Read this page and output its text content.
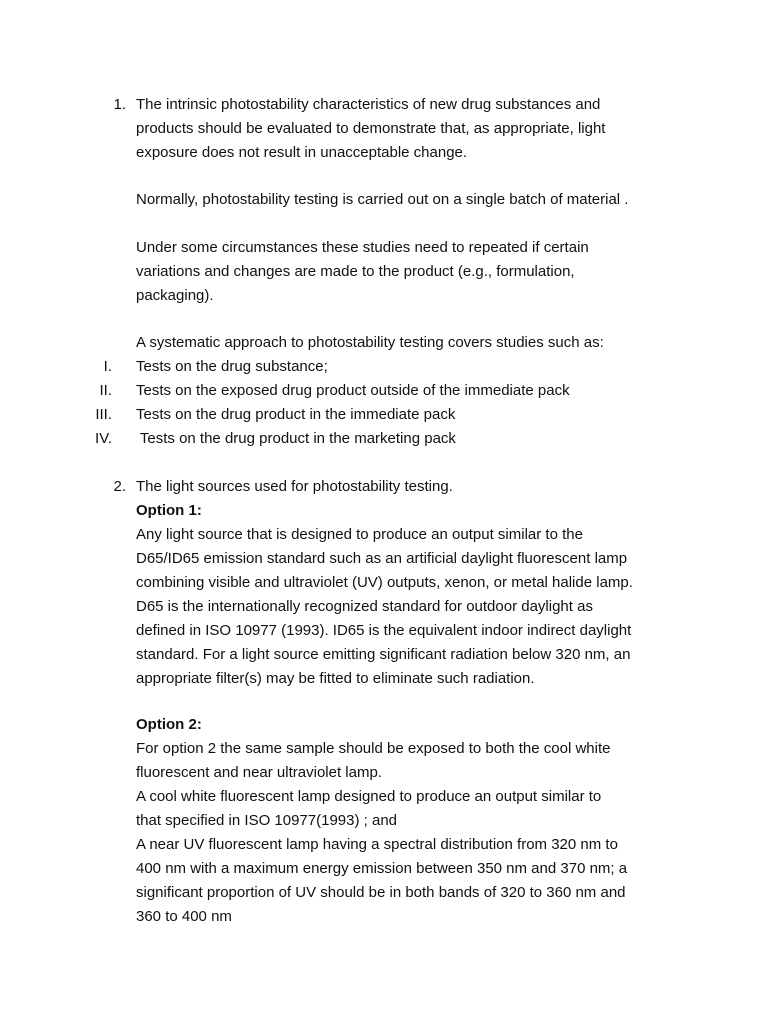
1. The intrinsic photostability characteristics of new drug substances and
products should be evaluated to demonstrate that, as appropriate, light
exposure does not result in unacceptable change.
Normally, photostability testing is carried out on a single batch of material .
Under some circumstances these studies need to repeated if certain
variations and changes are made to the product (e.g., formulation,
packaging).
A systematic approach to photostability testing covers studies such as:
I. Tests on the drug substance;
II. Tests on the exposed drug product outside of the immediate pack
III. Tests on the drug product in the immediate pack
IV. Tests on the drug product in the marketing pack
2. The light sources used for photostability testing.
Option 1:
Any light source that is designed to produce an output similar to the
D65/ID65 emission standard such as an artificial daylight fluorescent lamp
combining visible and ultraviolet (UV) outputs, xenon, or metal halide lamp.
D65 is the internationally recognized standard for outdoor daylight as
defined in ISO 10977 (1993). ID65 is the equivalent indoor indirect daylight
standard. For a light source emitting significant radiation below 320 nm, an
appropriate filter(s) may be fitted to eliminate such radiation.
Option 2:
For option 2 the same sample should be exposed to both the cool white
fluorescent and near ultraviolet lamp.
A cool white fluorescent lamp designed to produce an output similar to
that specified in ISO 10977(1993) ; and
A near UV fluorescent lamp having a spectral distribution from 320 nm to
400 nm with a maximum energy emission between 350 nm and 370 nm; a
significant proportion of UV should be in both bands of 320 to 360 nm and
360 to 400 nm
